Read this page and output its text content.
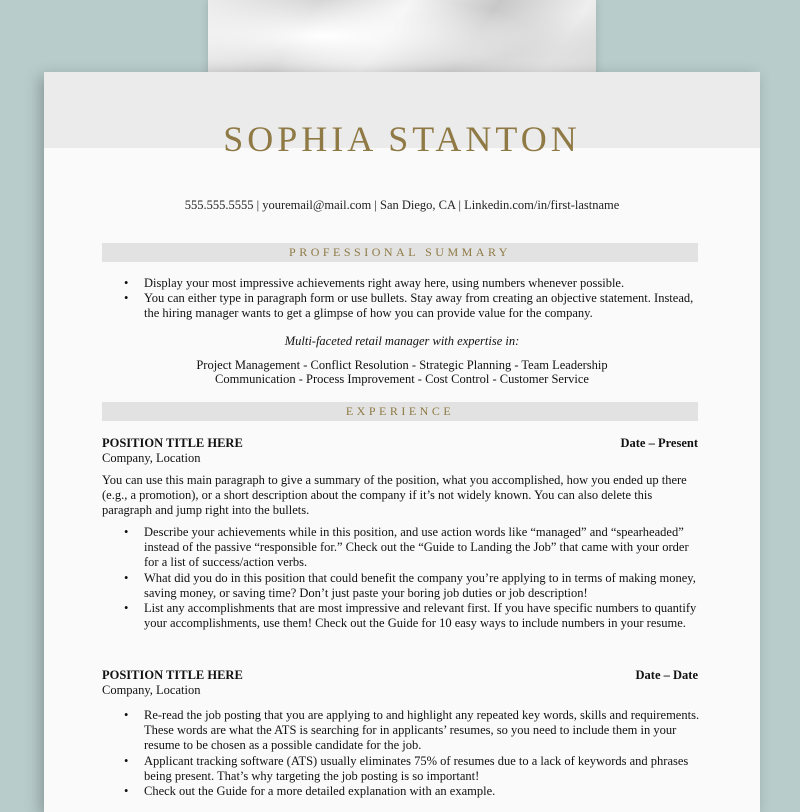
SOPHIA STANTON
555.555.5555 | youremail@mail.com | San Diego, CA | Linkedin.com/in/first-lastname
PROFESSIONAL SUMMARY
• Display your most impressive achievements right away here, using numbers whenever possible.
• You can either type in paragraph form or use bullets. Stay away from creating an objective statement. Instead, the hiring manager wants to get a glimpse of how you can provide value for the company.
Multi-faceted retail manager with expertise in:
Project Management - Conflict Resolution - Strategic Planning - Team Leadership
Communication - Process Improvement - Cost Control - Customer Service
EXPERIENCE
POSITION TITLE HERE	Date – Present
Company, Location
You can use this main paragraph to give a summary of the position, what you accomplished, how you ended up there (e.g., a promotion), or a short description about the company if it’s not widely known. You can also delete this paragraph and jump right into the bullets.
• Describe your achievements while in this position, and use action words like “managed” and “spearheaded” instead of the passive “responsible for.” Check out the “Guide to Landing the Job” that came with your order for a list of success/action verbs.
• What did you do in this position that could benefit the company you’re applying to in terms of making money, saving money, or saving time? Don’t just paste your boring job duties or job description!
• List any accomplishments that are most impressive and relevant first. If you have specific numbers to quantify your accomplishments, use them! Check out the Guide for 10 easy ways to include numbers in your resume.
POSITION TITLE HERE	Date – Date
Company, Location
• Re-read the job posting that you are applying to and highlight any repeated key words, skills and requirements. These words are what the ATS is searching for in applicants’ resumes, so you need to include them in your resume to be chosen as a possible candidate for the job.
• Applicant tracking software (ATS) usually eliminates 75% of resumes due to a lack of keywords and phrases being present. That’s why targeting the job posting is so important!
• Check out the Guide for a more detailed explanation with an example.
